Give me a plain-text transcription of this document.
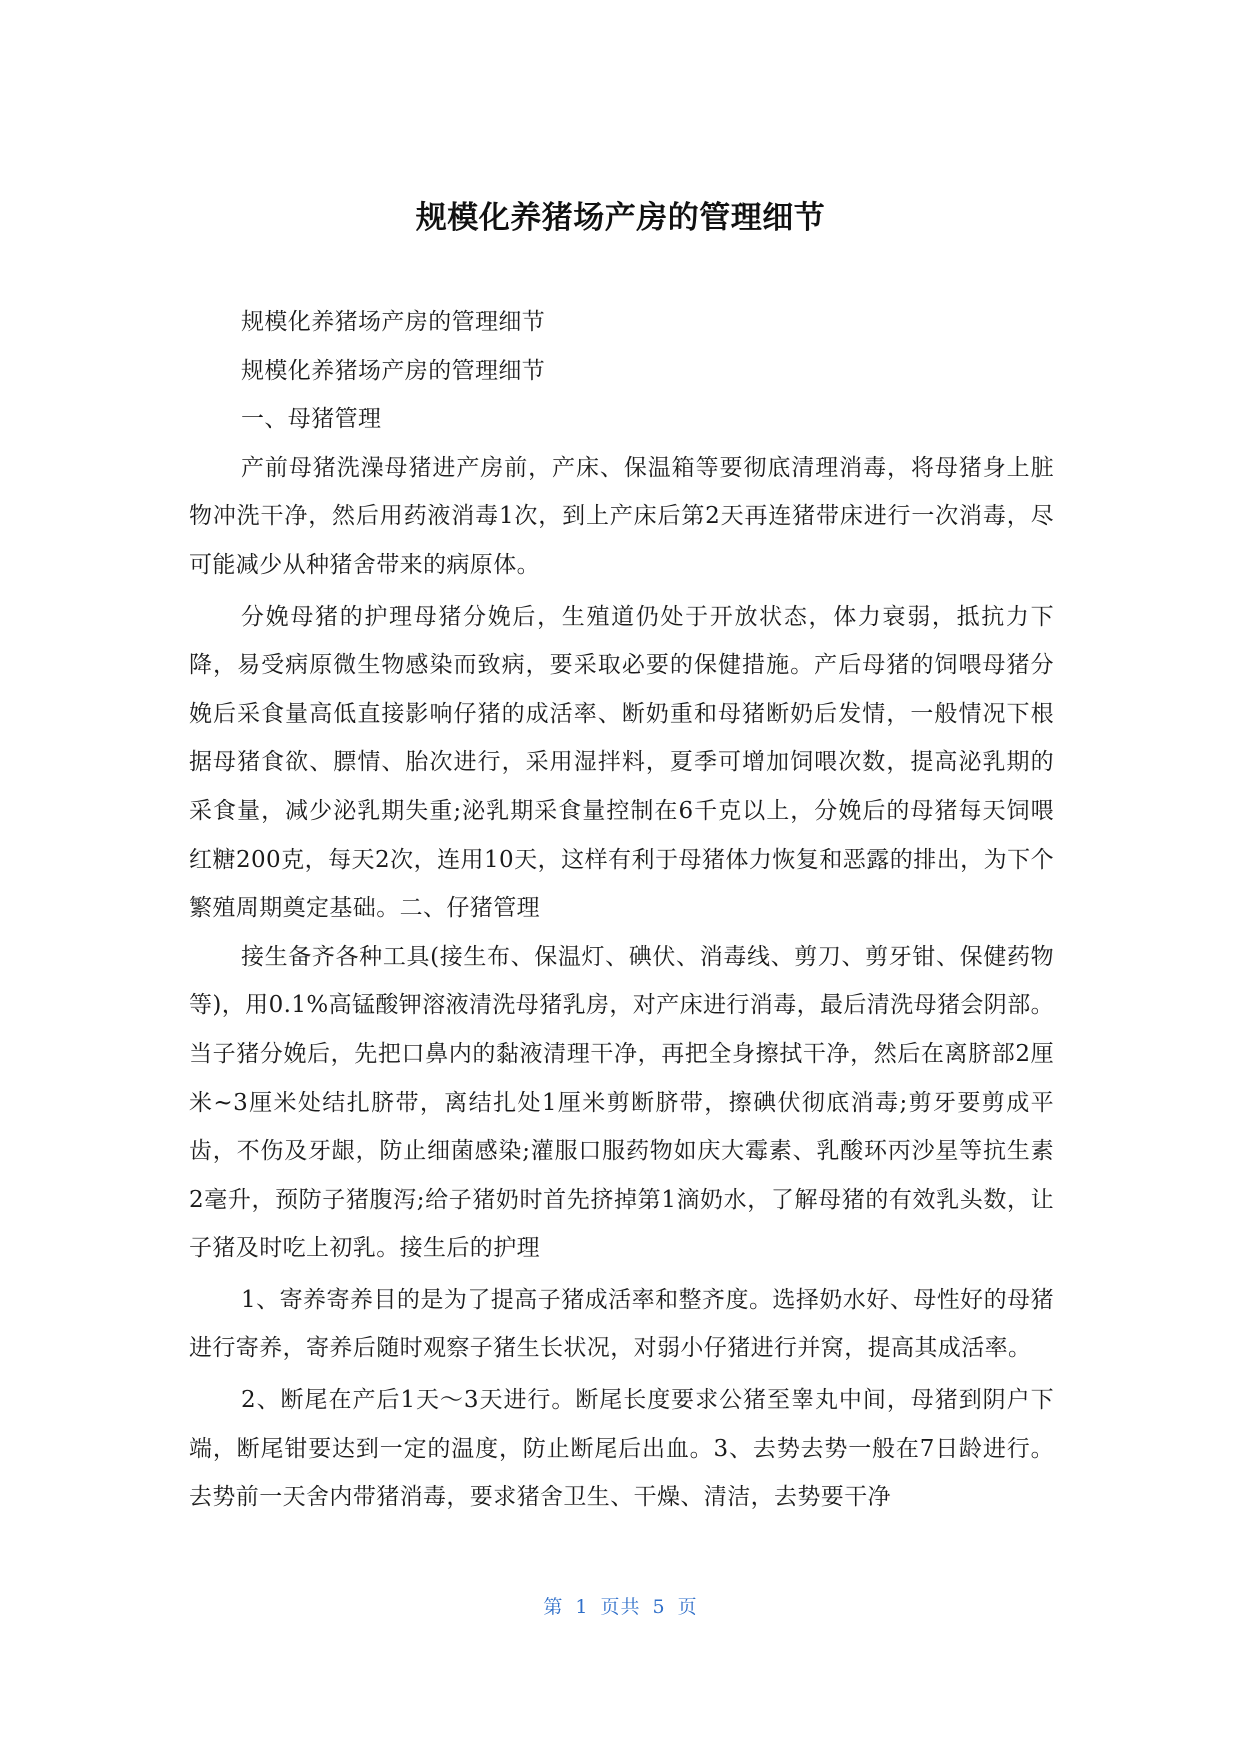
规模化养猪场产房的管理细节

规模化养猪场产房的管理细节

规模化养猪场产房的管理细节

一、母猪管理

产前母猪洗澡母猪进产房前，产床、保温箱等要彻底清理消毒，将母猪身上脏物冲洗干净，然后用药液消毒1次，到上产床后第2天再连猪带床进行一次消毒，尽可能减少从种猪舍带来的病原体。

分娩母猪的护理母猪分娩后，生殖道仍处于开放状态，体力衰弱，抵抗力下降，易受病原微生物感染而致病，要采取必要的保健措施。产后母猪的饲喂母猪分娩后采食量高低直接影响仔猪的成活率、断奶重和母猪断奶后发情，一般情况下根据母猪食欲、膘情、胎次进行，采用湿拌料，夏季可增加饲喂次数，提高泌乳期的采食量，减少泌乳期失重;泌乳期采食量控制在6千克以上，分娩后的母猪每天饲喂红糖200克，每天2次，连用10天，这样有利于母猪体力恢复和恶露的排出，为下个繁殖周期奠定基础。二、仔猪管理

接生备齐各种工具(接生布、保温灯、碘伏、消毒线、剪刀、剪牙钳、保健药物等)，用0.1%高锰酸钾溶液清洗母猪乳房，对产床进行消毒，最后清洗母猪会阴部。当子猪分娩后，先把口鼻内的黏液清理干净，再把全身擦拭干净，然后在离脐部2厘米~3厘米处结扎脐带，离结扎处1厘米剪断脐带，擦碘伏彻底消毒;剪牙要剪成平齿，不伤及牙龈，防止细菌感染;灌服口服药物如庆大霉素、乳酸环丙沙星等抗生素2毫升，预防子猪腹泻;给子猪奶时首先挤掉第1滴奶水，了解母猪的有效乳头数，让子猪及时吃上初乳。接生后的护理

1、寄养寄养目的是为了提高子猪成活率和整齐度。选择奶水好、母性好的母猪进行寄养，寄养后随时观察子猪生长状况，对弱小仔猪进行并窝，提高其成活率。

2、断尾在产后1天～3天进行。断尾长度要求公猪至睾丸中间，母猪到阴户下端，断尾钳要达到一定的温度，防止断尾后出血。3、去势去势一般在7日龄进行。去势前一天舍内带猪消毒，要求猪舍卫生、干燥、清洁，去势要干净

第 1 页共 5 页
